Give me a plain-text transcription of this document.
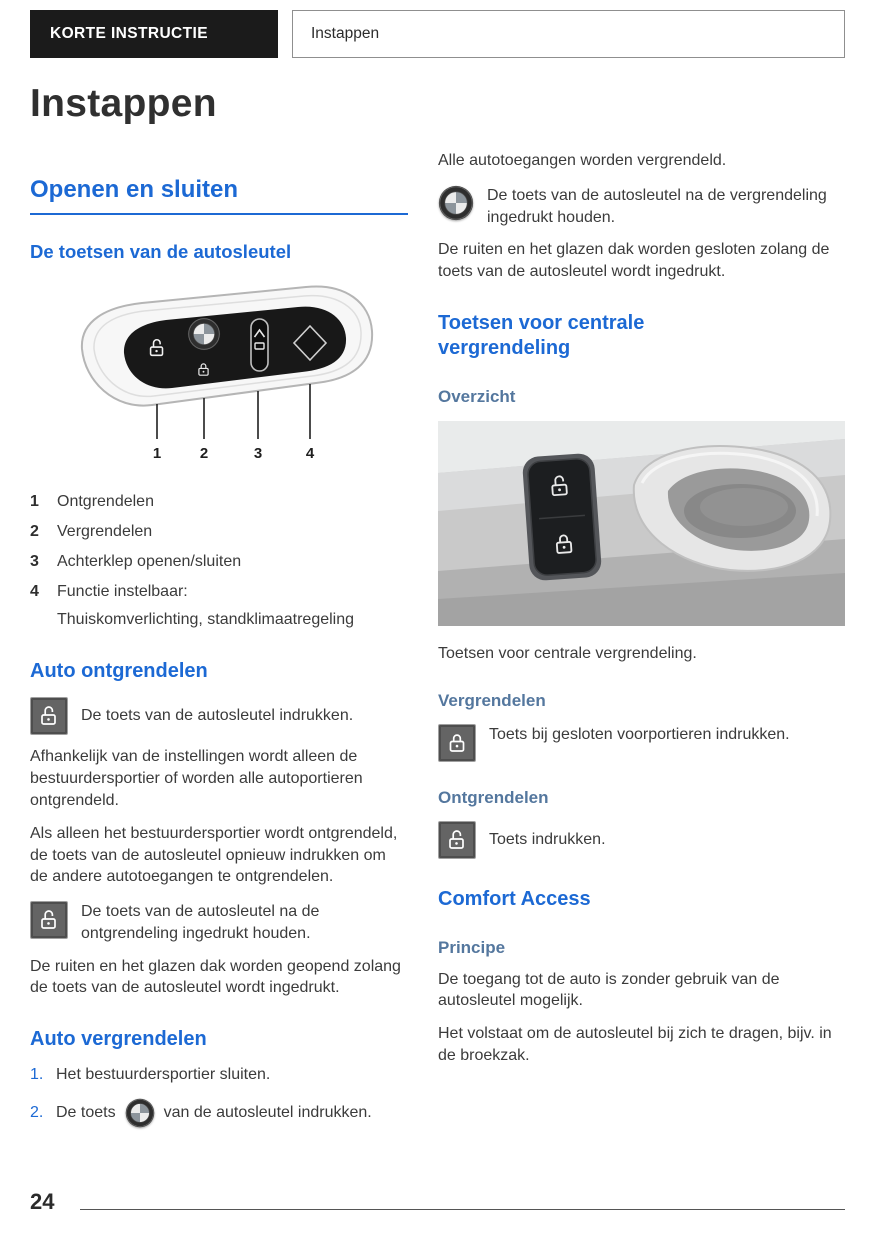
KORTE INSTRUCTIE	Instappen
Instappen
Openen en sluiten
De toetsen van de autosleutel
1	2	3	4
1	Ontgrendelen
2	Vergrendelen
3	Achterklep openen/sluiten
4	Functie instelbaar:
Thuiskomverlichting, standklimaatregeling
Auto ontgrendelen
De toets van de autosleutel indrukken.

Afhankelijk van de instellingen wordt alleen de bestuurdersportier of worden alle autoportieren ontgrendeld.

Als alleen het bestuurdersportier wordt ontgrendeld, de toets van de autosleutel opnieuw indrukken om de andere autotoegangen te ontgrendelen.

De toets van de autosleutel na de ontgrendeling ingedrukt houden.

De ruiten en het glazen dak worden geopend zolang de toets van de autosleutel wordt ingedrukt.

Auto vergrendelen
1. Het bestuurdersportier sluiten.
2. De toets	van de autosleutel indrukken.

Alle autotoegangen worden vergrendeld.

De toets van de autosleutel na de vergrendeling ingedrukt houden.

De ruiten en het glazen dak worden gesloten zolang de toets van de autosleutel wordt ingedrukt.

Toetsen voor centrale vergrendeling
Overzicht
Toetsen voor centrale vergrendeling.
Vergrendelen
Toets bij gesloten voorportieren indrukken.
Ontgrendelen
Toets indrukken.
Comfort Access
Principe

De toegang tot de auto is zonder gebruik van de autosleutel mogelijk.

Het volstaat om de autosleutel bij zich te dragen, bijv. in de broekzak.

24
